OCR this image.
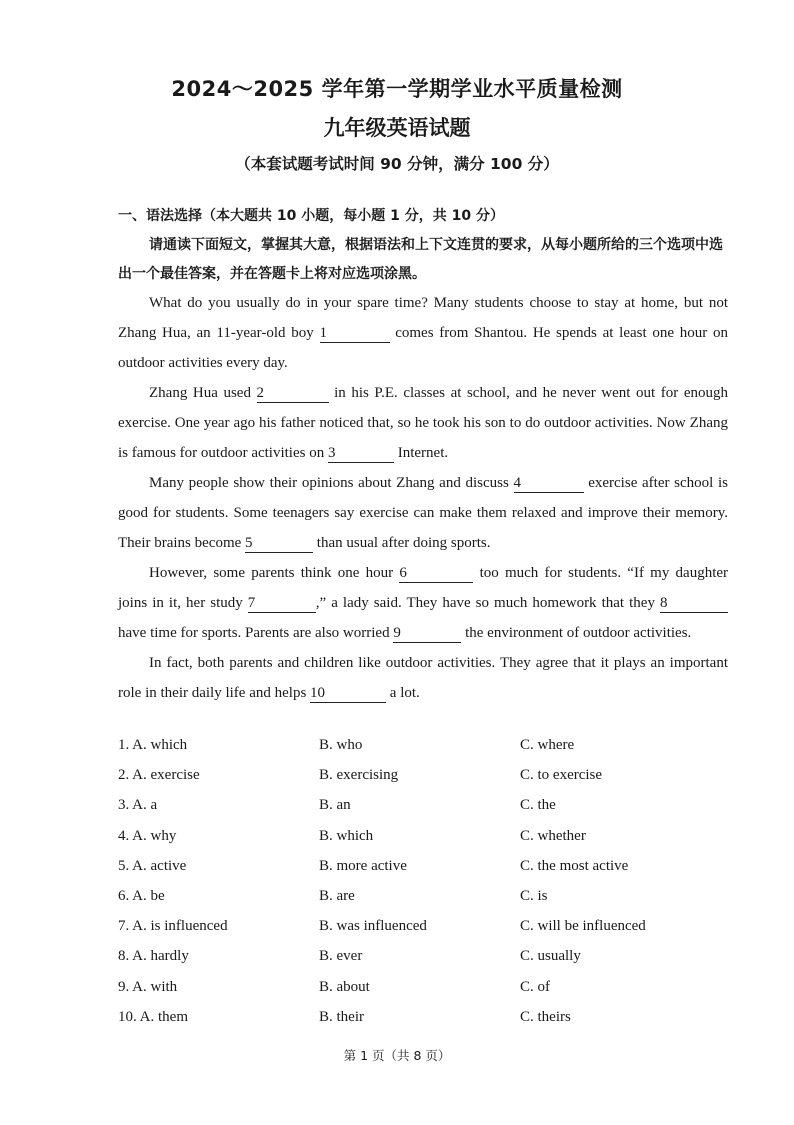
2024～2025 学年第一学期学业水平质量检测
九年级英语试题
（本套试题考试时间 90 分钟，满分 100 分）
一、语法选择（本大题共 10 小题，每小题 1 分，共 10 分）
请通读下面短文，掌握其大意，根据语法和上下文连贯的要求，从每小题所给的三个选项中选出一个最佳答案，并在答题卡上将对应选项涂黑。

What do you usually do in your spare time? Many students choose to stay at home, but not Zhang Hua, an 11-year-old boy 1	comes from Shantou. He spends at least one hour on outdoor activities every day.

Zhang Hua used 2	in his P.E. classes at school, and he never went out for enough exercise. One year ago his father noticed that, so he took his son to do outdoor activities. Now Zhang is famous for outdoor activities on 3	Internet.

Many people show their opinions about Zhang and discuss 4	exercise after school is good for students. Some teenagers say exercise can make them relaxed and improve their memory. Their brains become 5	than usual after doing sports.

However, some parents think one hour 6	too much for students. “If my daughter joins in it, her study 7	,” a lady said. They have so much homework that they 8 have time for sports. Parents are also worried 9	the environment of outdoor activities.

In fact, both parents and children like outdoor activities. They agree that it plays an important role in their daily life and helps 10	a lot.

1. A. which	B. who	C. where
2. A. exercise	B. exercising	C. to exercise
3. A. a	B. an	C. the
4. A. why	B. which	C. whether
5. A. active	B. more active	C. the most active
6. A. be	B. are	C. is
7. A. is influenced	B. was influenced	C. will be influenced
8. A. hardly	B. ever	C. usually
9. A. with	B. about	C. of
10. A. them	B. their	C. theirs
第 1 页（共 8 页）
